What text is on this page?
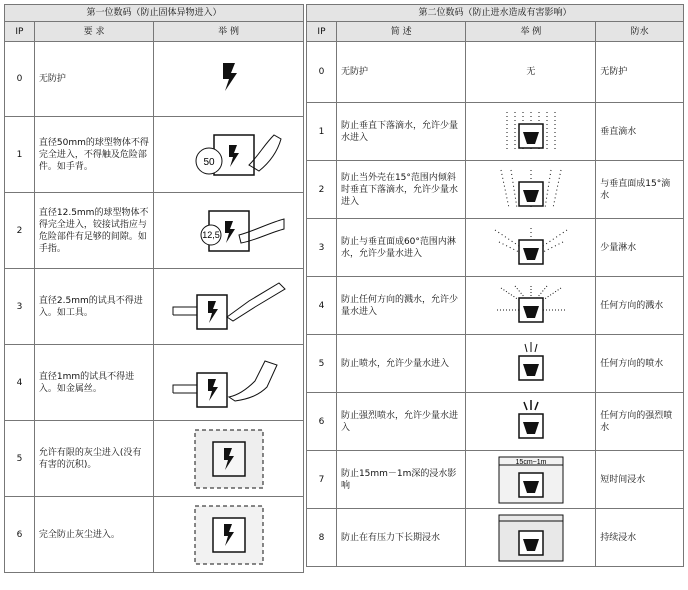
第一位数码（防止固体异物进入）		
IP	要 求	举 例
0	无防护	

1	直径50mm的球型物体不得完全进入，不得触及危险部件。如手背。	50

2	直径12.5mm的球型物体不得完全进入，铰接试指应与危险部件有足够的间隙。如手指。	12,5

3	直径2.5mm的试具不得进入。如工具。	

4	直径1mm的试具不得进入。如金属丝。	

5	允许有限的灰尘进入(没有有害的沉积)。	

6	完全防止灰尘进入。	
第二位数码（防止进水造成有害影响）			
IP	简 述	举 例	防水
0	无防护	无	无防护
1	防止垂直下落滴水，允许少量水进入		垂直滴水
2	防止当外壳在15°范围内倾斜时垂直下落滴水，允许少量水进入		与垂直面成15°滴水
3	防止与垂直面成60°范围内淋水，允许少量水进入		少量淋水
4	防止任何方向的溅水，允许少量水进入		任何方向的溅水
5	防止喷水，允许少量水进入		任何方向的喷水
6	防止强烈喷水，允许少量水进入		任何方向的强烈喷水
7	防止15mm－1m深的浸水影响	15cm~1m	短时间浸水
8	防止在有压力下长期浸水		持续浸水
